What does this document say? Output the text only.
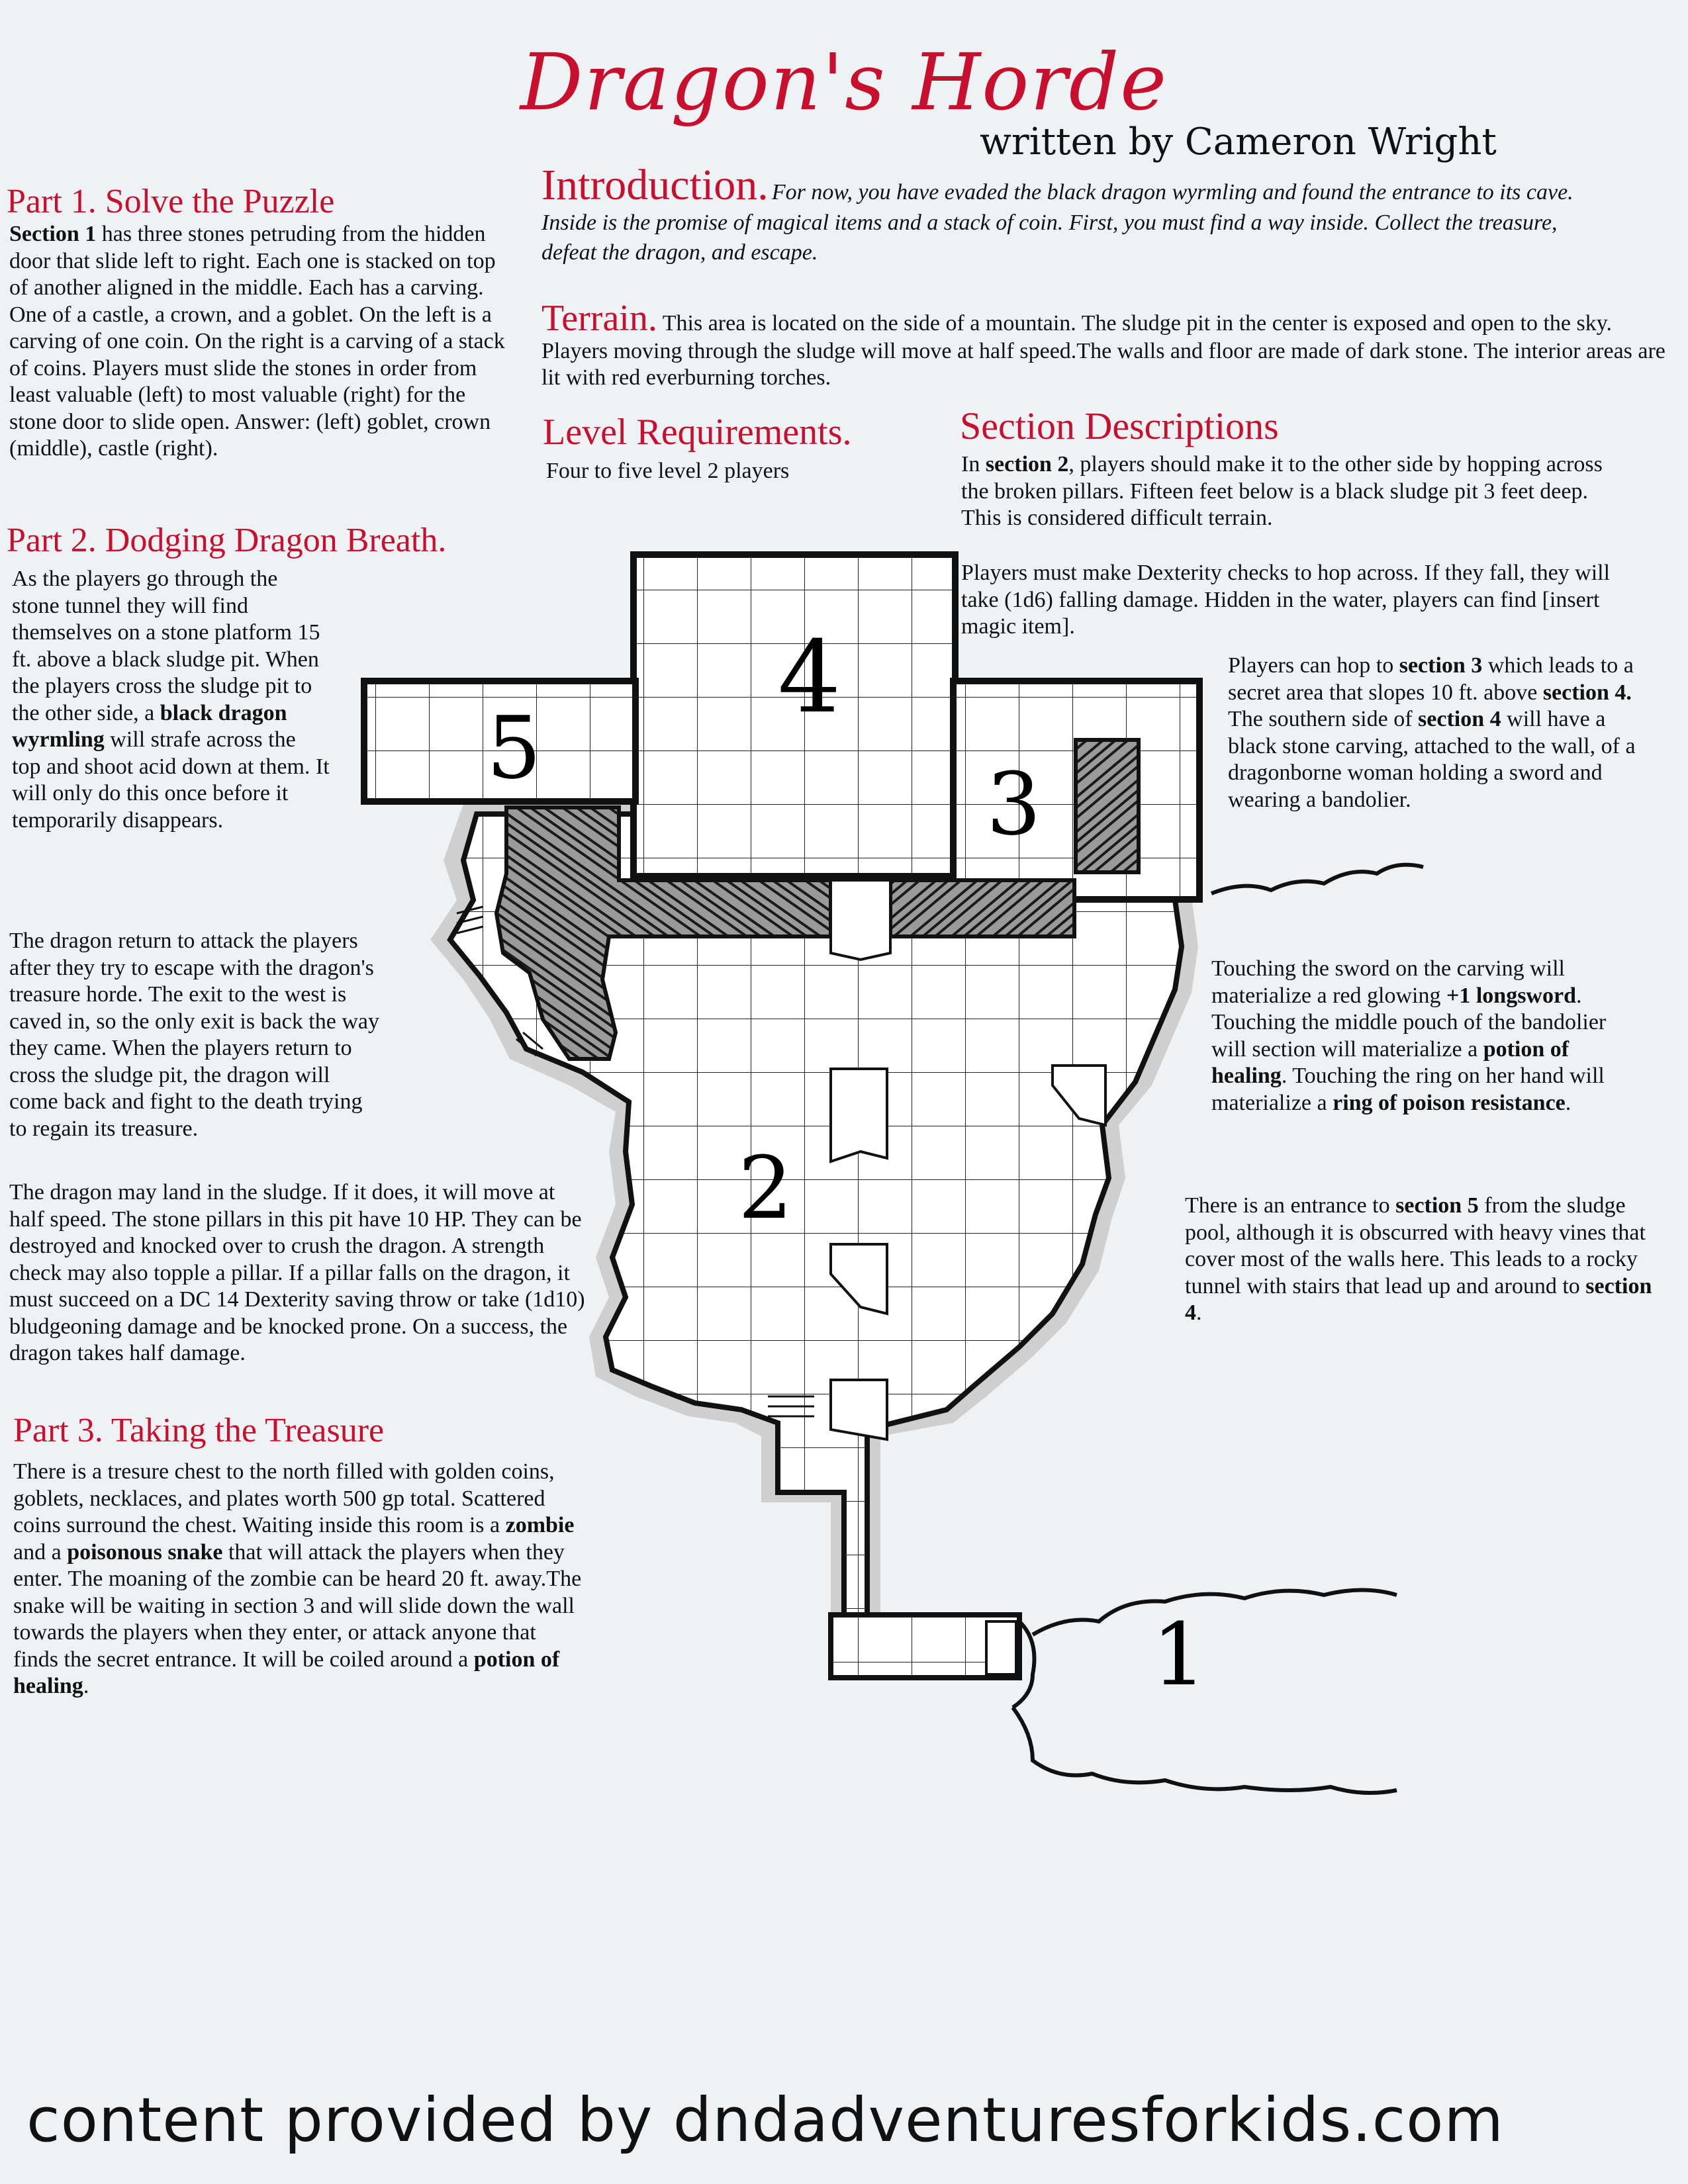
Dragon's Horde
written by Cameron Wright
Part 1. Solve the Puzzle
Section 1 has three stones petruding from the hidden door that slide left to right. Each one is stacked on top of another aligned in the middle. Each has a carving. One of a castle, a crown, and a goblet. On the left is a carving of one coin. On the right is a carving of a stack of coins. Players must slide the stones in order from least valuable (left) to most valuable (right) for the stone door to slide open. Answer: (left) goblet, crown (middle), castle (right).
Part 2. Dodging Dragon Breath.
As the players go through the stone tunnel they will find themselves on a stone platform 15 ft. above a black sludge pit. When the players cross the sludge pit to the other side, a black dragon wyrmling will strafe across the top and shoot acid down at them. It will only do this once before it temporarily disappears.
The dragon return to attack the players after they try to escape with the dragon's treasure horde. The exit to the west is caved in, so the only exit is back the way they came. When the players return to cross the sludge pit, the dragon will come back and fight to the death trying to regain its treasure.
The dragon may land in the sludge. If it does, it will move at half speed. The stone pillars in this pit have 10 HP. They can be destroyed and knocked over to crush the dragon. A strength check may also topple a pillar. If a pillar falls on the dragon, it must succeed on a DC 14 Dexterity saving throw or take (1d10) bludgeoning damage and be knocked prone. On a success, the dragon takes half damage.
Part 3. Taking the Treasure
There is a tresure chest to the north filled with golden coins, goblets, necklaces, and plates worth 500 gp total. Scattered coins surround the chest. Waiting inside this room is a zombie and a poisonous snake that will attack the players when they enter. The moaning of the zombie can be heard 20 ft. away.The snake will be waiting in section 3 and will slide down the wall towards the players when they enter, or attack anyone that finds the secret entrance. It will be coiled around a potion of healing.
Introduction. For now, you have evaded the black dragon wyrmling and found the entrance to its cave. Inside is the promise of magical items and a stack of coin. First, you must find a way inside. Collect the treasure, defeat the dragon, and escape.
Terrain. This area is located on the side of a mountain. The sludge pit in the center is exposed and open to the sky. Players moving through the sludge will move at half speed.The walls and floor are made of dark stone. The interior areas are lit with red everburning torches.
Level Requirements.
Four to five level 2 players
Section Descriptions
In section 2, players should make it to the other side by hopping across the broken pillars. Fifteen feet below is a black sludge pit 3 feet deep. This is considered difficult terrain.
Players must make Dexterity checks to hop across. If they fall, they will take (1d6) falling damage. Hidden in the water, players can find [insert magic item].
Players can hop to section 3 which leads to a secret area that slopes 10 ft. above section 4. The southern side of section 4 will have a black stone carving, attached to the wall, of a dragonborne woman holding a sword and wearing a bandolier.
Touching the sword on the carving will materialize a red glowing +1 longsword. Touching the middle pouch of the bandolier will section will materialize a potion of healing. Touching the ring on her hand will materialize a ring of poison resistance.
There is an entrance to section 5 from the sludge pool, although it is obscurred with heavy vines that cover most of the walls here. This leads to a rocky tunnel with stairs that lead up and around to section 4.
1
2
3
4
5
content provided by dndadventuresforkids.com
